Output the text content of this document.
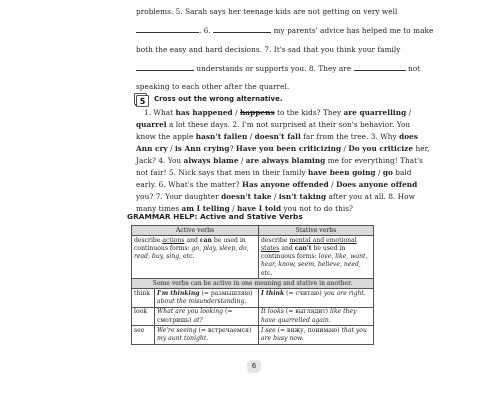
problems. 5. Sarah says her teenage kids are not getting on very well
. 6.	my parents' advice has helped me to make
both the easy and hard decisions. 7. It's sad that you think your family
understands or supports you. 8. They are	not
speaking to each other after the quarrel.
5 Cross out the wrong alternative.
1. What has happened / happens to the kids? They are quarrelling /
quarrel a lot these days. 2. I'm not surprised at their son's behavior. You
know the apple hasn't fallen / doesn't fall far from the tree. 3. Why does
Ann cry / is Ann crying? Have you been criticizing / Do you criticize her,
Jack? 4. You always blame / are always blaming me for everything! That's
not fair! 5. Nick says that men in their family have been going / go bald
early. 6. What's the matter? Has anyone offended / Does anyone offend
you? 7. Your daughter doesn't take / isn't taking after you at all. 8. How
many times am I telling / have I told you not to do this?
GRAMMAR HELP: Active and Stative Verbs
Active verbs		Stative verbs
describe actions and can be used in continuous forms: go, play, sleep, do, read, buy, sing, etc.		describe mental and emotional states and can't be used in continuous forms: love, like, want, hear, know, seem, believe, need, etc.
Some verbs can be active in one meaning and stative in another.		
think	I'm thinking (= размышляю) about the misunderstanding.	I think (= считаю) you are right.
look	What are you looking (= смотришь) at?	It looks (= выглядит) like they have quarrelled again.
see	We're seeing (= встречаемся) my aunt tonight.	I see (= вижу, понимаю) that you are busy now.
6
